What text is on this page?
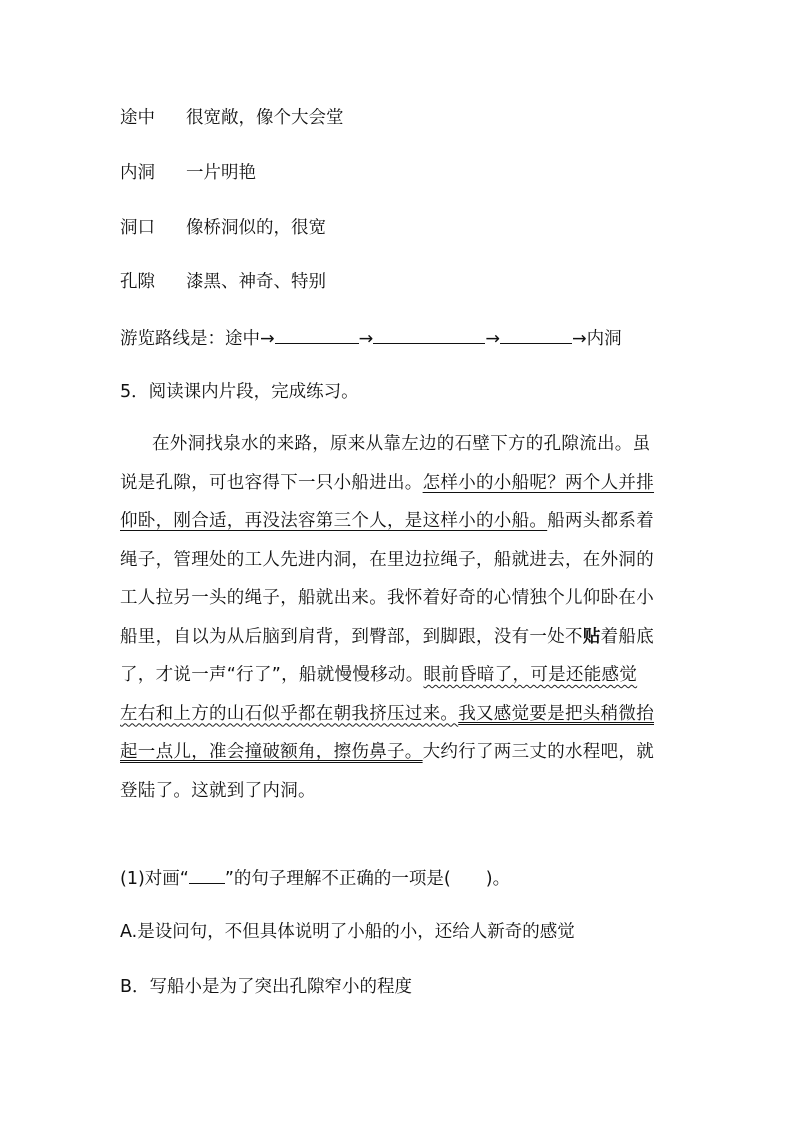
途中 很宽敞，像个大会堂
内洞 一片明艳
洞口 像桥洞似的，很宽
孔隙 漆黑、神奇、特别
游览路线是：途中→	→	→	→内洞
5．阅读课内片段，完成练习。
在外洞找泉水的来路，原来从靠左边的石壁下方的孔隙流出。虽
说是孔隙，可也容得下一只小船进出。怎样小的小船呢？两个人并排
仰卧，刚合适，再没法容第三个人，是这样小的小船。船两头都系着
绳子，管理处的工人先进内洞，在里边拉绳子，船就进去，在外洞的
工人拉另一头的绳子，船就出来。我怀着好奇的心情独个儿仰卧在小
船里，自以为从后脑到肩背，到臀部，到脚跟，没有一处不贴着船底
了，才说一声“行了”，船就慢慢移动。眼前昏暗了，可是还能感觉
左右和上方的山石似乎都在朝我挤压过来。我又感觉要是把头稍微抬
起一点儿，准会撞破额角，擦伤鼻子。大约行了两三丈的水程吧，就
登陆了。这就到了内洞。
(1)对画“ ”的句子理解不正确的一项是(　　)。
A.是设问句，不但具体说明了小船的小，还给人新奇的感觉
B．写船小是为了突出孔隙窄小的程度
